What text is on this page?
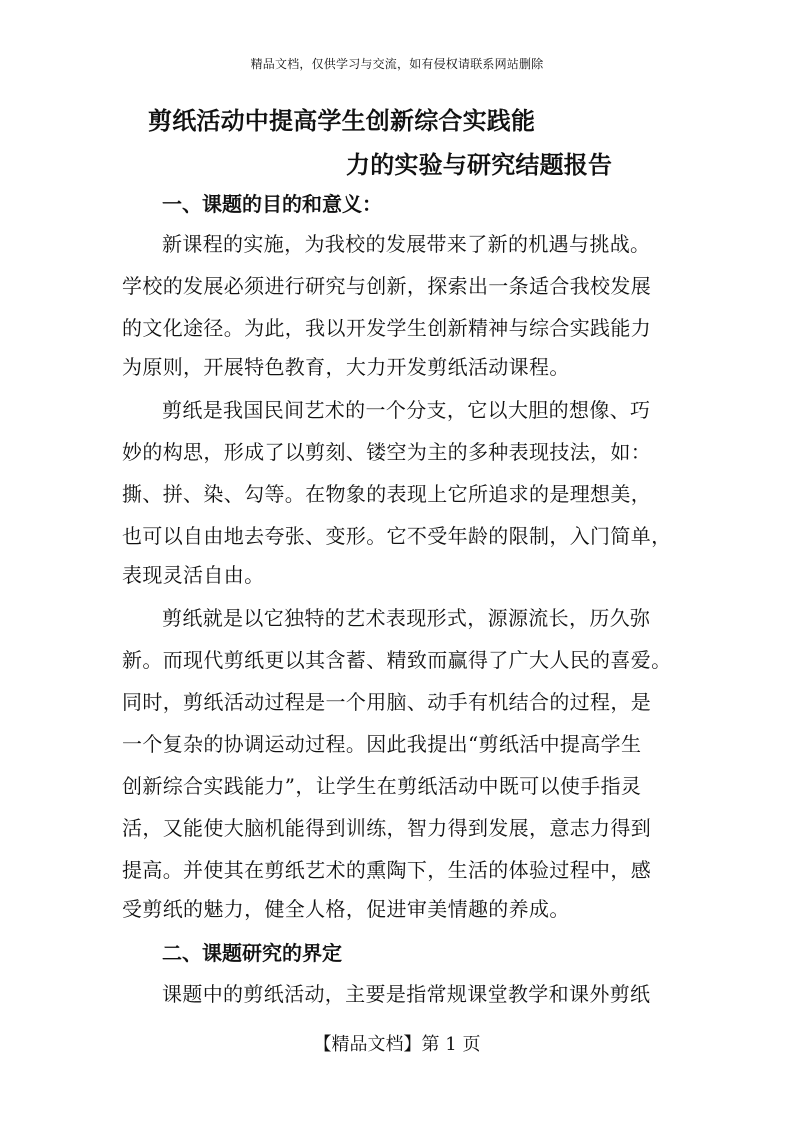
精品文档，仅供学习与交流，如有侵权请联系网站删除
剪纸活动中提高学生创新综合实践能
力的实验与研究结题报告
一、课题的目的和意义：
新课程的实施，为我校的发展带来了新的机遇与挑战。
学校的发展必须进行研究与创新，探索出一条适合我校发展
的文化途径。为此，我以开发学生创新精神与综合实践能力
为原则，开展特色教育，大力开发剪纸活动课程。
剪纸是我国民间艺术的一个分支，它以大胆的想像、巧
妙的构思，形成了以剪刻、镂空为主的多种表现技法，如：
撕、拼、染、勾等。在物象的表现上它所追求的是理想美，
也可以自由地去夸张、变形。它不受年龄的限制，入门简单，
表现灵活自由。
剪纸就是以它独特的艺术表现形式，源源流长，历久弥
新。而现代剪纸更以其含蓄、精致而赢得了广大人民的喜爱。
同时，剪纸活动过程是一个用脑、动手有机结合的过程，是
一个复杂的协调运动过程。因此我提出“剪纸活中提高学生
创新综合实践能力”，让学生在剪纸活动中既可以使手指灵
活，又能使大脑机能得到训练，智力得到发展，意志力得到
提高。并使其在剪纸艺术的熏陶下，生活的体验过程中，感
受剪纸的魅力，健全人格，促进审美情趣的养成。
二、课题研究的界定
课题中的剪纸活动，主要是指常规课堂教学和课外剪纸
【精品文档】第 1 页
